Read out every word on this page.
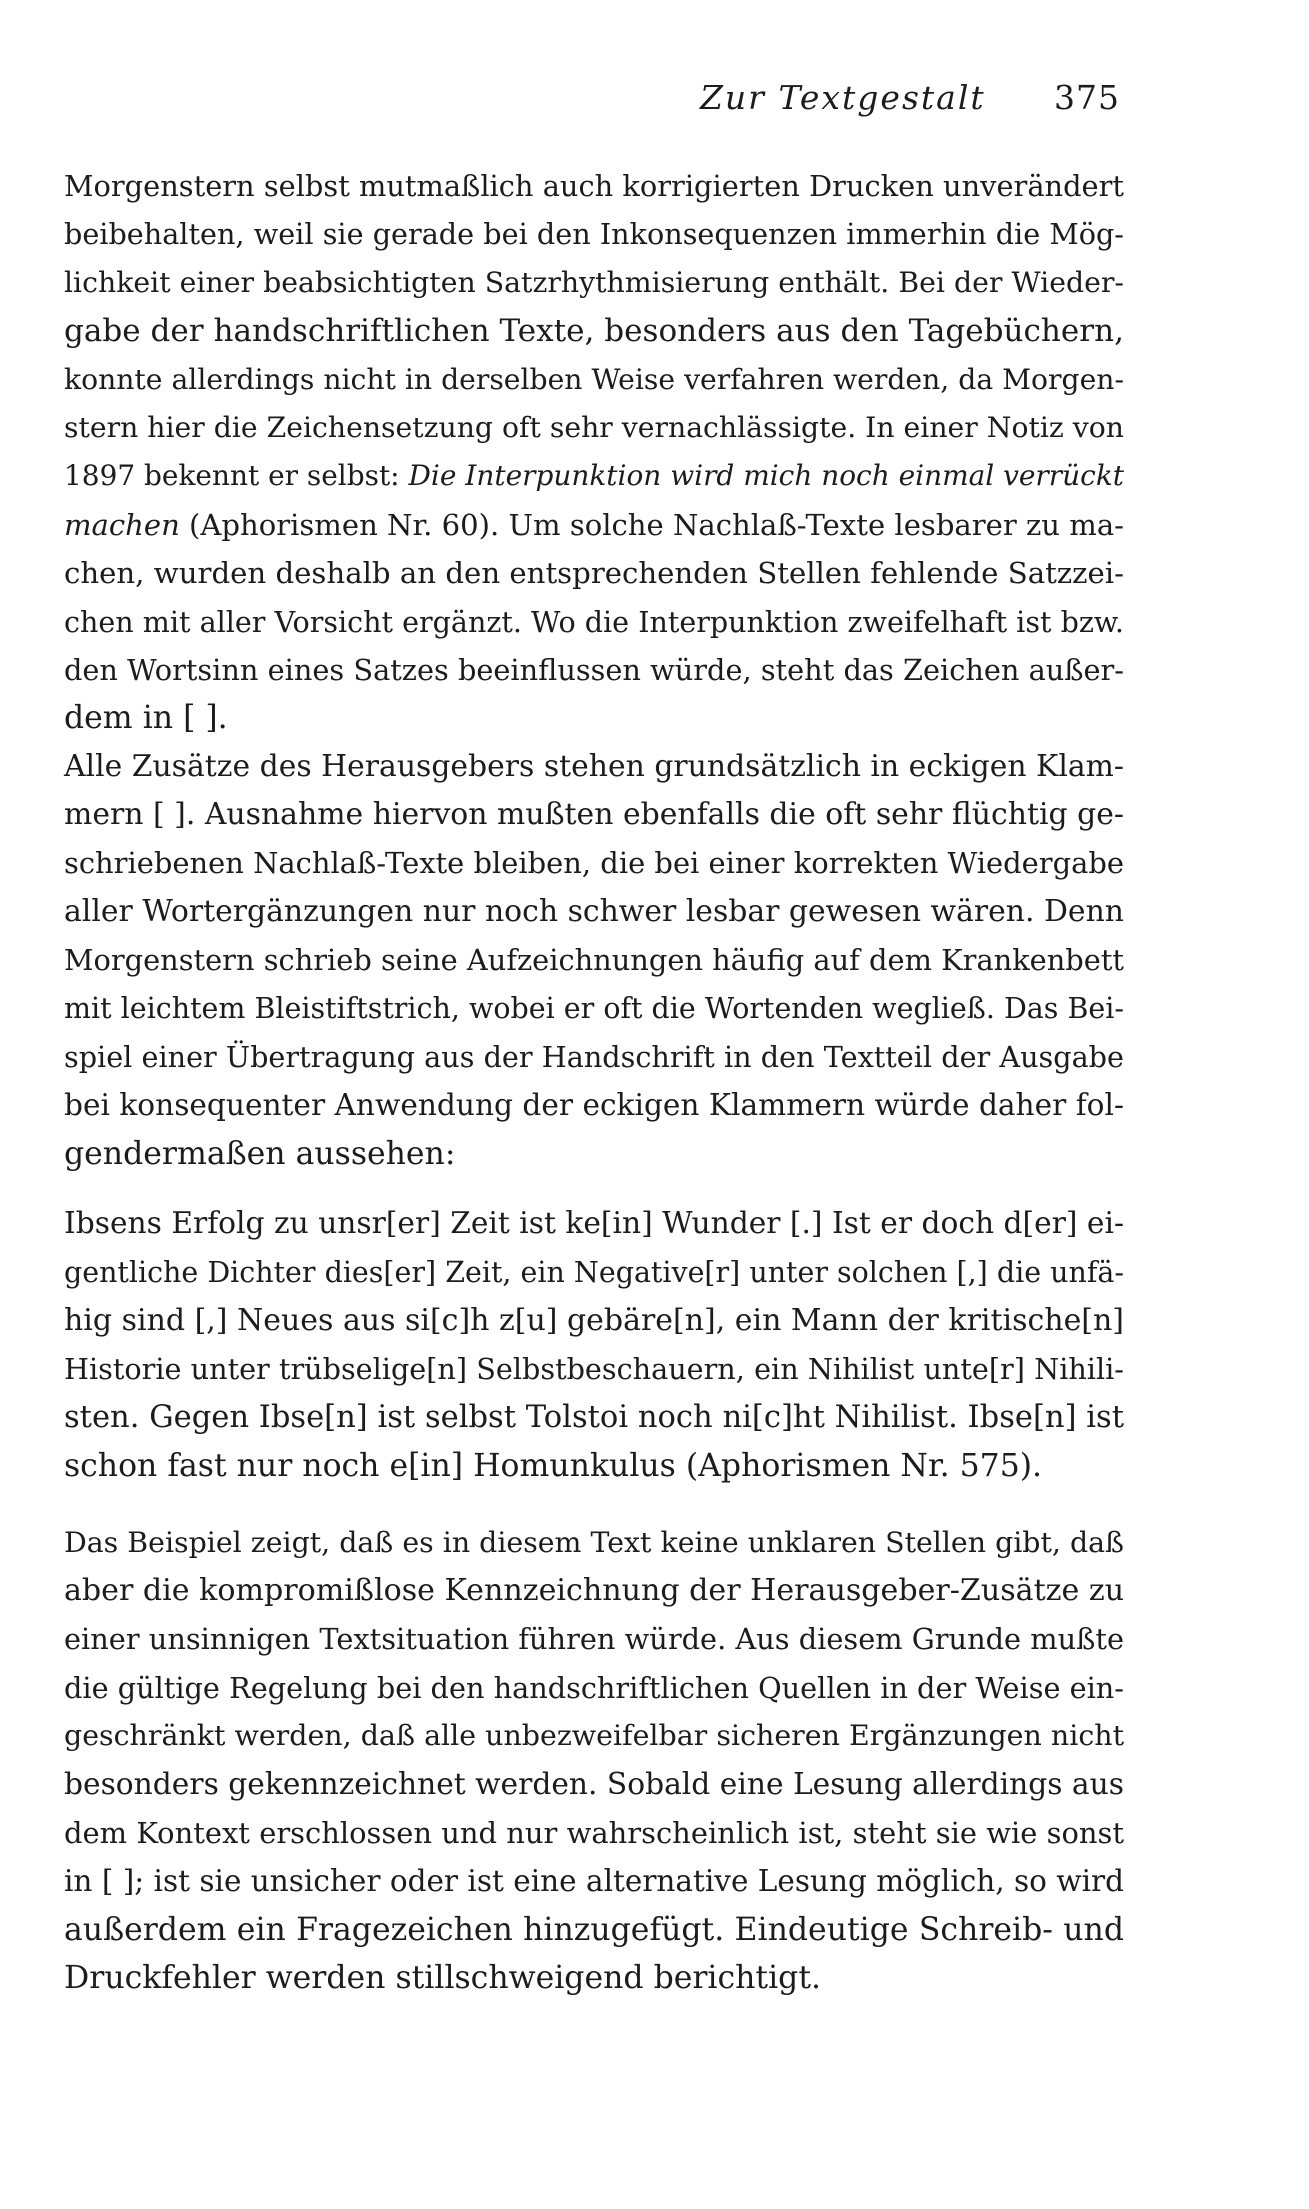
Zur Textgestalt 375
Morgenstern selbst mutmaßlich auch korrigierten Drucken unverändert
beibehalten, weil sie gerade bei den Inkonsequenzen immerhin die Mög-
lichkeit einer beabsichtigten Satzrhythmisierung enthält. Bei der Wieder-
gabe der handschriftlichen Texte, besonders aus den Tagebüchern,
konnte allerdings nicht in derselben Weise verfahren werden, da Morgen-
stern hier die Zeichensetzung oft sehr vernachlässigte. In einer Notiz von
1897 bekennt er selbst: Die Interpunktion wird mich noch einmal verrückt
machen (Aphorismen Nr. 60). Um solche Nachlaß-Texte lesbarer zu ma-
chen, wurden deshalb an den entsprechenden Stellen fehlende Satzzei-
chen mit aller Vorsicht ergänzt. Wo die Interpunktion zweifelhaft ist bzw.
den Wortsinn eines Satzes beeinflussen würde, steht das Zeichen außer-
dem in [ ].
Alle Zusätze des Herausgebers stehen grundsätzlich in eckigen Klam-
mern [ ]. Ausnahme hiervon mußten ebenfalls die oft sehr flüchtig ge-
schriebenen Nachlaß-Texte bleiben, die bei einer korrekten Wiedergabe
aller Wortergänzungen nur noch schwer lesbar gewesen wären. Denn
Morgenstern schrieb seine Aufzeichnungen häufig auf dem Krankenbett
mit leichtem Bleistiftstrich, wobei er oft die Wortenden wegließ. Das Bei-
spiel einer Übertragung aus der Handschrift in den Textteil der Ausgabe
bei konsequenter Anwendung der eckigen Klammern würde daher fol-
gendermaßen aussehen:
Ibsens Erfolg zu unsr[er] Zeit ist ke[in] Wunder [.] Ist er doch d[er] ei-
gentliche Dichter dies[er] Zeit, ein Negative[r] unter solchen [,] die unfä-
hig sind [,] Neues aus si[c]h z[u] gebäre[n], ein Mann der kritische[n]
Historie unter trübselige[n] Selbstbeschauern, ein Nihilist unte[r] Nihili-
sten. Gegen Ibse[n] ist selbst Tolstoi noch ni[c]ht Nihilist. Ibse[n] ist
schon fast nur noch e[in] Homunkulus (Aphorismen Nr. 575).
Das Beispiel zeigt, daß es in diesem Text keine unklaren Stellen gibt, daß
aber die kompromißlose Kennzeichnung der Herausgeber-Zusätze zu
einer unsinnigen Textsituation führen würde. Aus diesem Grunde mußte
die gültige Regelung bei den handschriftlichen Quellen in der Weise ein-
geschränkt werden, daß alle unbezweifelbar sicheren Ergänzungen nicht
besonders gekennzeichnet werden. Sobald eine Lesung allerdings aus
dem Kontext erschlossen und nur wahrscheinlich ist, steht sie wie sonst
in [ ]; ist sie unsicher oder ist eine alternative Lesung möglich, so wird
außerdem ein Fragezeichen hinzugefügt. Eindeutige Schreib- und
Druckfehler werden stillschweigend berichtigt.
